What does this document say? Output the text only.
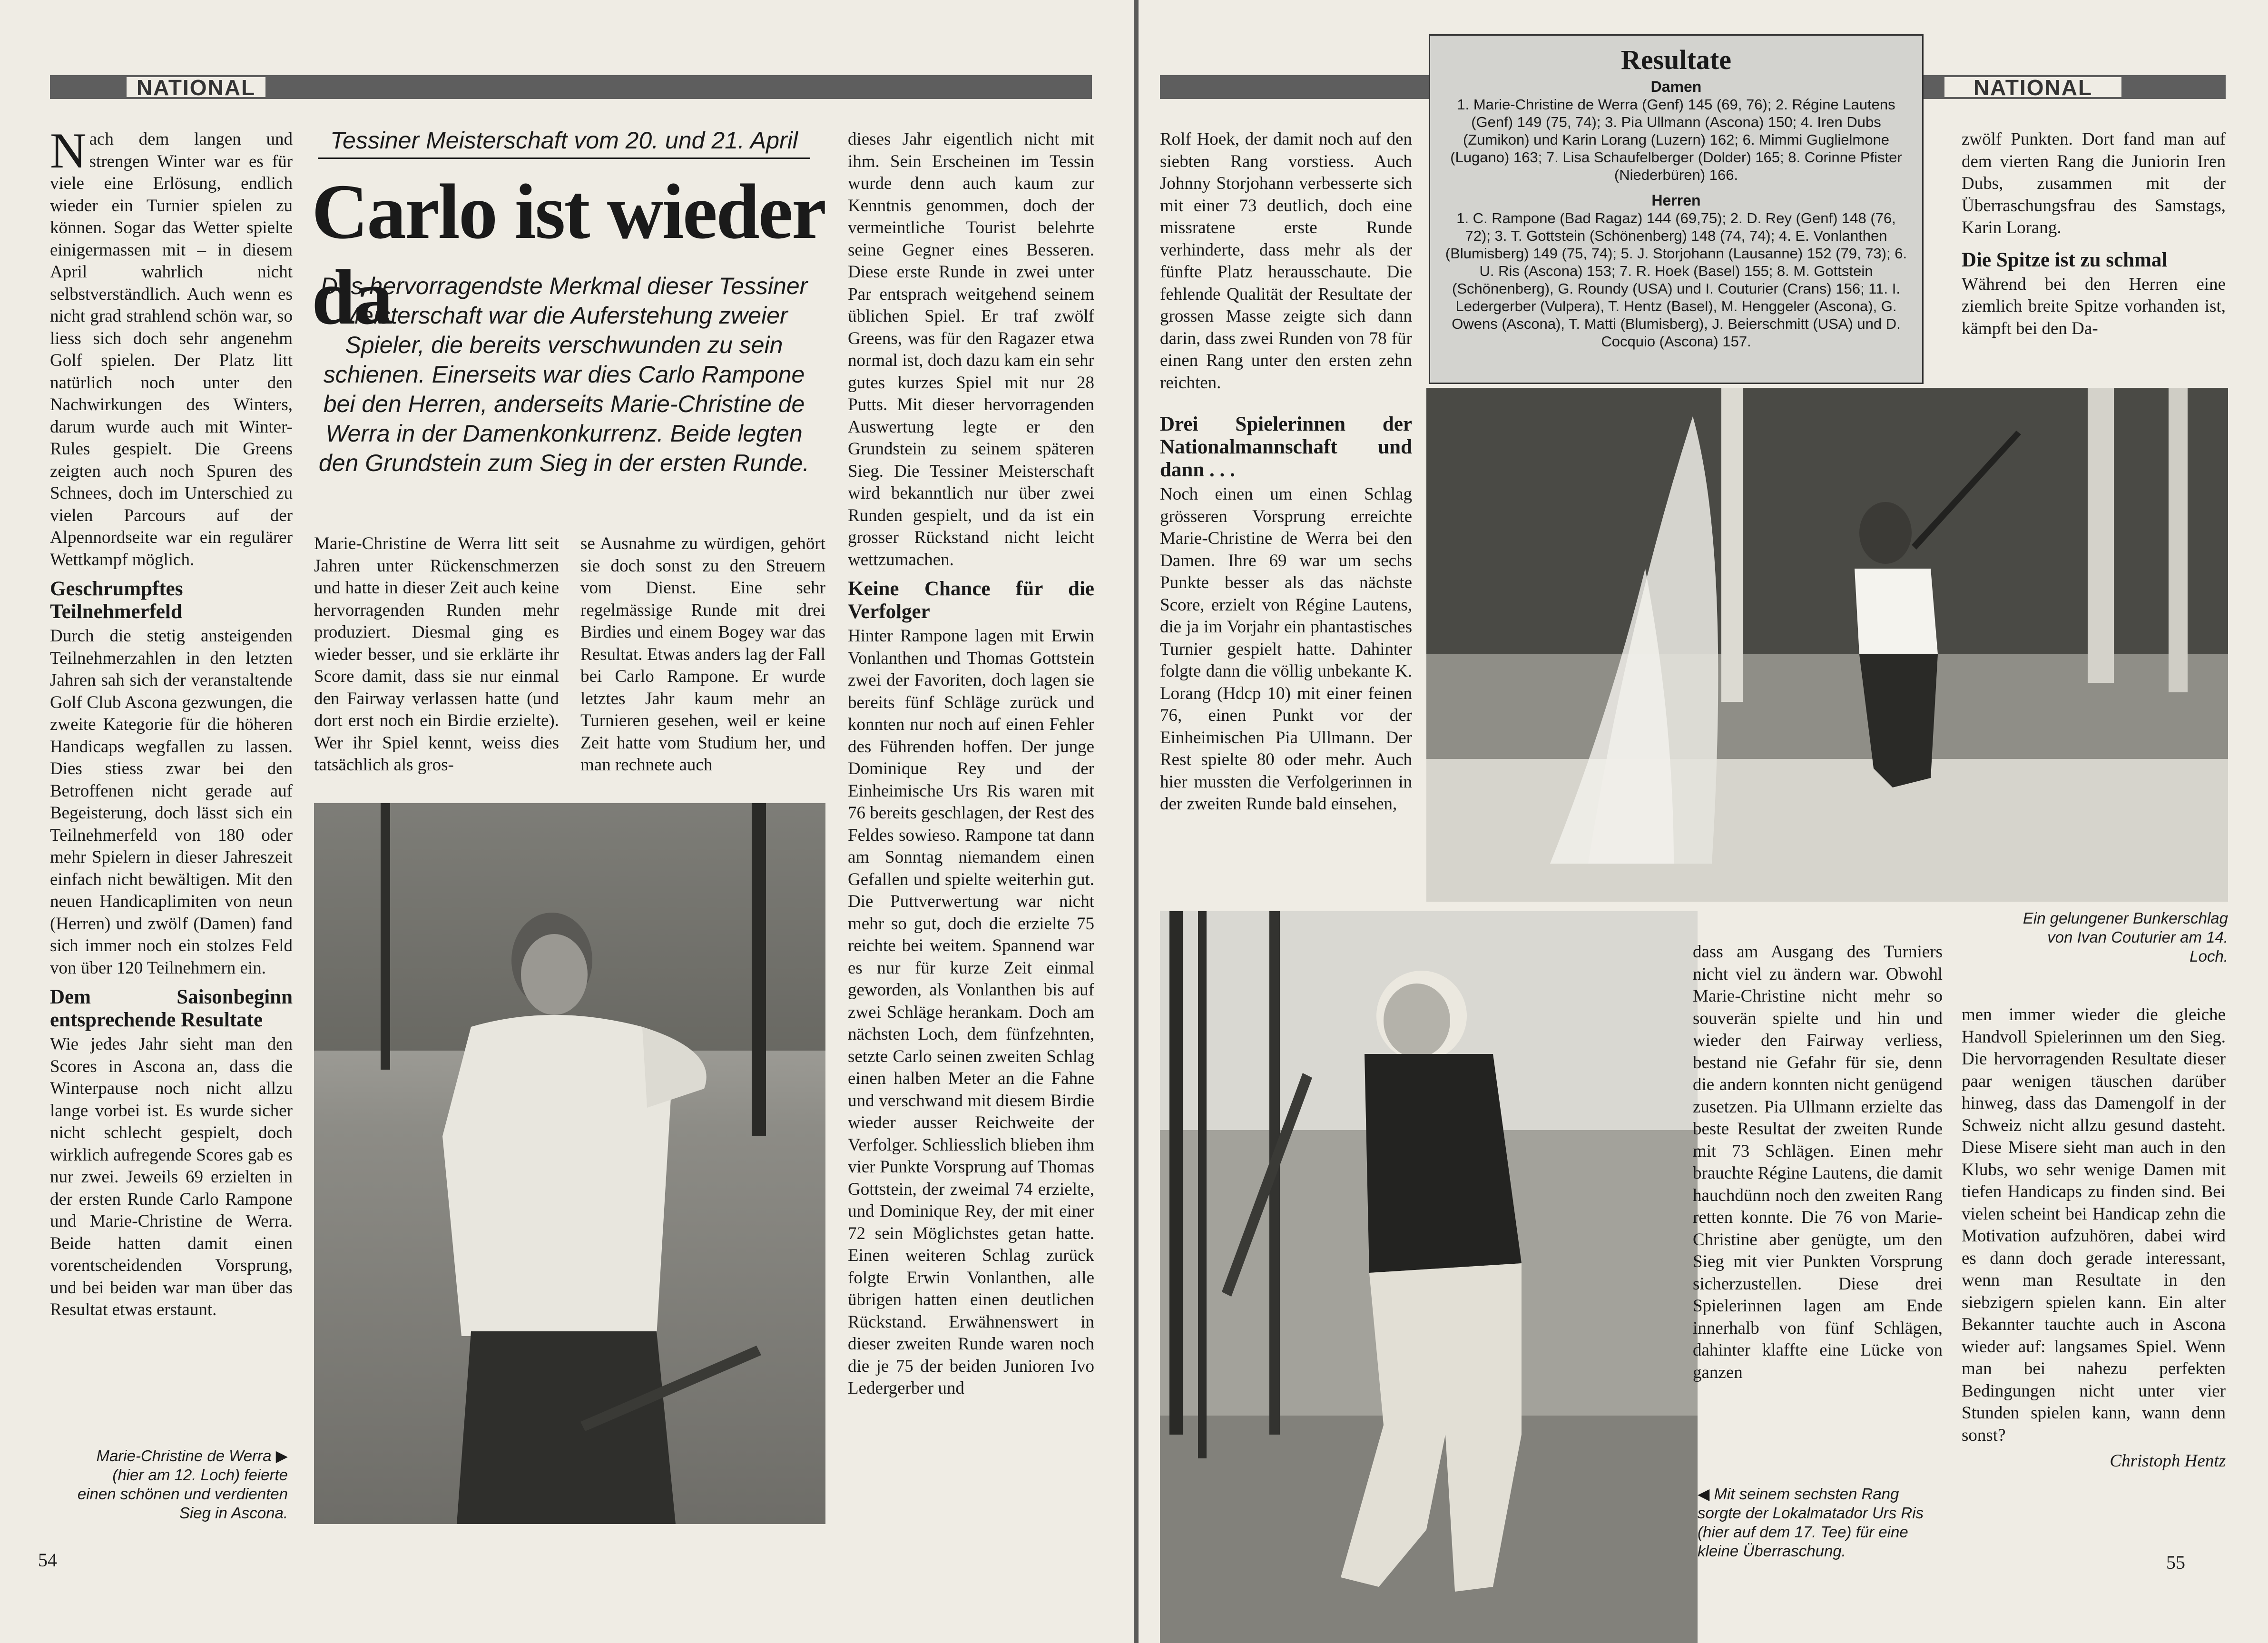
NATIONAL

Nach dem langen und strengen Winter war es für viele eine Erlösung, endlich wieder ein Turnier spielen zu können. Sogar das Wetter spielte einigermassen mit – in diesem April wahrlich nicht selbstverständlich. Auch wenn es nicht grad strahlend schön war, so liess sich doch sehr angenehm Golf spielen. Der Platz litt natürlich noch unter den Nachwirkungen des Winters, darum wurde auch mit Winter-Rules gespielt. Die Greens zeigten auch noch Spuren des Schnees, doch im Unterschied zu vielen Parcours auf der Alpennordseite war ein regulärer Wettkampf möglich.

Geschrumpftes Teilnehmerfeld

Durch die stetig ansteigenden Teilnehmerzahlen in den letzten Jahren sah sich der veranstaltende Golf Club Ascona gezwungen, die zweite Kategorie für die höheren Handicaps wegfallen zu lassen. Dies stiess zwar bei den Betroffenen nicht gerade auf Begeisterung, doch lässt sich ein Teilnehmerfeld von 180 oder mehr Spielern in dieser Jahreszeit einfach nicht bewältigen. Mit den neuen Handicaplimiten von neun (Herren) und zwölf (Damen) fand sich immer noch ein stolzes Feld von über 120 Teilnehmern ein.

Dem Saisonbeginn entsprechende Resultate

Wie jedes Jahr sieht man den Scores in Ascona an, dass die Winterpause noch nicht allzu lange vorbei ist. Es wurde sicher nicht schlecht gespielt, doch wirklich aufregende Scores gab es nur zwei. Jeweils 69 erzielten in der ersten Runde Carlo Rampone und Marie-Christine de Werra. Beide hatten damit einen vorentscheidenden Vorsprung, und bei beiden war man über das Resultat etwas erstaunt.

Tessiner Meisterschaft vom 20. und 21. April
Carlo ist wieder da
Das hervorragendste Merkmal dieser Tessiner Meisterschaft war die Auferstehung zweier Spieler, die bereits verschwunden zu sein schienen. Einerseits war dies Carlo Rampone bei den Herren, anderseits Marie-Christine de Werra in der Damenkonkurrenz. Beide legten den Grundstein zum Sieg in der ersten Runde.

Marie-Christine de Werra litt seit Jahren unter Rückenschmerzen und hatte in dieser Zeit auch keine hervorragenden Runden mehr produziert. Diesmal ging es wieder besser, und sie erklärte ihr Score damit, dass sie nur einmal den Fairway verlassen hatte (und dort erst noch ein Birdie erzielte). Wer ihr Spiel kennt, weiss dies tatsächlich als gros-

se Ausnahme zu würdigen, gehört sie doch sonst zu den Streuern vom Dienst. Eine sehr regelmässige Runde mit drei Birdies und einem Bogey war das Resultat. Etwas anders lag der Fall bei Carlo Rampone. Er wurde letztes Jahr kaum mehr an Turnieren gesehen, weil er keine Zeit hatte vom Studium her, und man rechnete auch

dieses Jahr eigentlich nicht mit ihm. Sein Erscheinen im Tessin wurde denn auch kaum zur Kenntnis genommen, doch der vermeintliche Tourist belehrte seine Gegner eines Besseren. Diese erste Runde in zwei unter Par entsprach weitgehend seinem üblichen Spiel. Er traf zwölf Greens, was für den Ragazer etwa normal ist, doch dazu kam ein sehr gutes kurzes Spiel mit nur 28 Putts. Mit dieser hervorragenden Auswertung legte er den Grundstein zu seinem späteren Sieg. Die Tessiner Meisterschaft wird bekanntlich nur über zwei Runden gespielt, und da ist ein grosser Rückstand nicht leicht wettzumachen.

Keine Chance für die Verfolger

Hinter Rampone lagen mit Erwin Vonlanthen und Thomas Gottstein zwei der Favoriten, doch lagen sie bereits fünf Schläge zurück und konnten nur noch auf einen Fehler des Führenden hoffen. Der junge Dominique Rey und der Einheimische Urs Ris waren mit 76 bereits geschlagen, der Rest des Feldes sowieso. Rampone tat dann am Sonntag niemandem einen Gefallen und spielte weiterhin gut. Die Puttverwertung war nicht mehr so gut, doch die erzielte 75 reichte bei weitem. Spannend war es nur für kurze Zeit einmal geworden, als Vonlanthen bis auf zwei Schläge herankam. Doch am nächsten Loch, dem fünfzehnten, setzte Carlo seinen zweiten Schlag einen halben Meter an die Fahne und verschwand mit diesem Birdie wieder ausser Reichweite der Verfolger. Schliesslich blieben ihm vier Punkte Vorsprung auf Thomas Gottstein, der zweimal 74 erzielte, und Dominique Rey, der mit einer 72 sein Möglichstes getan hatte. Einen weiteren Schlag zurück folgte Erwin Vonlanthen, alle übrigen hatten einen deutlichen Rückstand. Erwähnenswert in dieser zweiten Runde waren noch die je 75 der beiden Junioren Ivo Ledergerber und

Marie-Christine de Werra ▶ (hier am 12. Loch) feierte einen schönen und verdienten Sieg in Ascona.
54
NATIONAL
Resultate
Damen
1. Marie-Christine de Werra (Genf) 145 (69, 76); 2. Régine Lautens (Genf) 149 (75, 74); 3. Pia Ullmann (Ascona) 150; 4. Iren Dubs (Zumikon) und Karin Lorang (Luzern) 162; 6. Mimmi Guglielmone (Lugano) 163; 7. Lisa Schaufelberger (Dolder) 165; 8. Corinne Pfister (Niederbüren) 166.
Herren
1. C. Rampone (Bad Ragaz) 144 (69,75); 2. D. Rey (Genf) 148 (76, 72); 3. T. Gottstein (Schönenberg) 148 (74, 74); 4. E. Vonlanthen (Blumisberg) 149 (75, 74); 5. J. Storjohann (Lausanne) 152 (79, 73); 6. U. Ris (Ascona) 153; 7. R. Hoek (Basel) 155; 8. M. Gottstein (Schönenberg), G. Roundy (USA) und I. Couturier (Crans) 156; 11. I. Ledergerber (Vulpera), T. Hentz (Basel), M. Henggeler (Ascona), G. Owens (Ascona), T. Matti (Blumisberg), J. Beierschmitt (USA) und D. Cocquio (Ascona) 157.

Rolf Hoek, der damit noch auf den siebten Rang vorstiess. Auch Johnny Storjohann verbesserte sich mit einer 73 deutlich, doch eine missratene erste Runde verhinderte, dass mehr als der fünfte Platz herausschaute. Die fehlende Qualität der Resultate der grossen Masse zeigte sich dann darin, dass zwei Runden von 78 für einen Rang unter den ersten zehn reichten.

Drei Spielerinnen der Nationalmannschaft und dann . . .

Noch einen um einen Schlag grösseren Vorsprung erreichte Marie-Christine de Werra bei den Damen. Ihre 69 war um sechs Punkte besser als das nächste Score, erzielt von Régine Lautens, die ja im Vorjahr ein phantastisches Turnier gespielt hatte. Dahinter folgte dann die völlig unbekante K. Lorang (Hdcp 10) mit einer feinen 76, einen Punkt vor der Einheimischen Pia Ullmann. Der Rest spielte 80 oder mehr. Auch hier mussten die Verfolgerinnen in der zweiten Runde bald einsehen,

zwölf Punkten. Dort fand man auf dem vierten Rang die Juniorin Iren Dubs, zusammen mit der Überraschungsfrau des Samstags, Karin Lorang.

Die Spitze ist zu schmal

Während bei den Herren eine ziemlich breite Spitze vorhanden ist, kämpft bei den Da-

Ein gelungener Bunkerschlag von Ivan Couturier am 14. Loch.

dass am Ausgang des Turniers nicht viel zu ändern war. Obwohl Marie-Christine nicht mehr so souverän spielte und hin und wieder den Fairway verliess, bestand nie Gefahr für sie, denn die andern konnten nicht genügend zusetzen. Pia Ullmann erzielte das beste Resultat der zweiten Runde mit 73 Schlägen. Einen mehr brauchte Régine Lautens, die damit hauchdünn noch den zweiten Rang retten konnte. Die 76 von Marie-Christine aber genügte, um den Sieg mit vier Punkten Vorsprung sicherzustellen. Diese drei Spielerinnen lagen am Ende innerhalb von fünf Schlägen, dahinter klaffte eine Lücke von ganzen

◀ Mit seinem sechsten Rang sorgte der Lokalmatador Urs Ris (hier auf dem 17. Tee) für eine kleine Überraschung.

men immer wieder die gleiche Handvoll Spielerinnen um den Sieg. Die hervorragenden Resultate dieser paar wenigen täuschen darüber hinweg, dass das Damengolf in der Schweiz nicht allzu gesund dasteht. Diese Misere sieht man auch in den Klubs, wo sehr wenige Damen mit tiefen Handicaps zu finden sind. Bei vielen scheint bei Handicap zehn die Motivation aufzuhören, dabei wird es dann doch gerade interessant, wenn man Resultate in den siebzigern spielen kann. Ein alter Bekannter tauchte auch in Ascona wieder auf: langsames Spiel. Wenn man bei nahezu perfekten Bedingungen nicht unter vier Stunden spielen kann, wann denn sonst?

Christoph Hentz

55
